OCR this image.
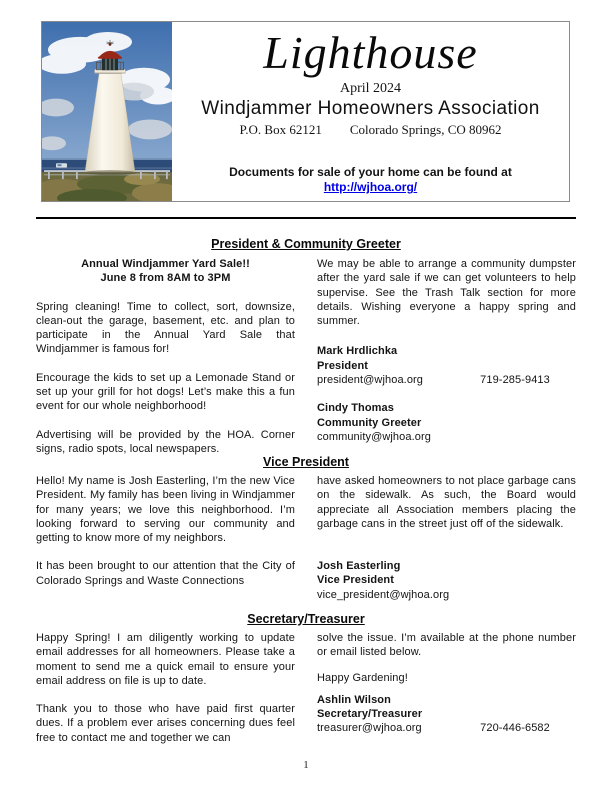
Lighthouse
April 2024
Windjammer Homeowners Association
P.O. Box 62121 Colorado Springs, CO 80962
Documents for sale of your home can be found at
http://wjhoa.org/
President & Community Greeter
Annual Windjammer Yard Sale!!
June 8 from 8AM to 3PM
Spring cleaning! Time to collect, sort, downsize, clean-out the garage, basement, etc. and plan to participate in the Annual Yard Sale that Windjammer is famous for!
Encourage the kids to set up a Lemonade Stand or set up your grill for hot dogs! Let’s make this a fun event for our whole neighborhood!
Advertising will be provided by the HOA. Corner signs, radio spots, local newspapers.
We may be able to arrange a community dumpster after the yard sale if we can get volunteers to help supervise. See the Trash Talk section for more details. Wishing everyone a happy spring and summer.
Mark Hrdlichka
President
president@wjhoa.org	719-285-9413
Cindy Thomas
Community Greeter
community@wjhoa.org
Vice President
Hello! My name is Josh Easterling, I’m the new Vice President. My family has been living in Windjammer for many years; we love this neighborhood. I’m looking forward to serving our community and getting to know more of my neighbors.
It has been brought to our attention that the City of Colorado Springs and Waste Connections
have asked homeowners to not place garbage cans on the sidewalk. As such, the Board would appreciate all Association members placing the garbage cans in the street just off of the sidewalk.
Josh Easterling
Vice President
vice_president@wjhoa.org
Secretary/Treasurer
Happy Spring! I am diligently working to update email addresses for all homeowners. Please take a moment to send me a quick email to ensure your email address on file is up to date.
Thank you to those who have paid first quarter dues. If a problem ever arises concerning dues feel free to contact me and together we can
solve the issue. I’m available at the phone number or email listed below.
Happy Gardening!
Ashlin Wilson
Secretary/Treasurer
treasurer@wjhoa.org	720-446-6582
1
